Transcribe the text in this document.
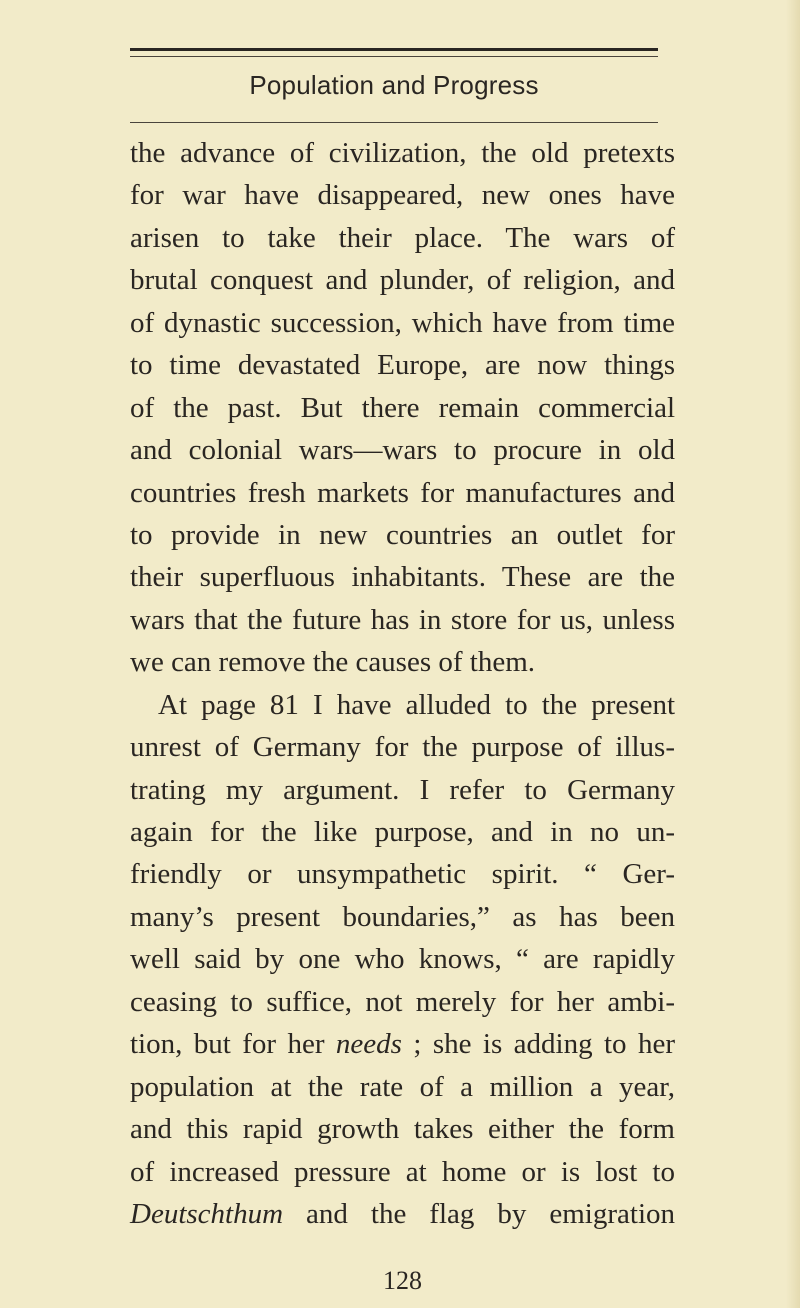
Population and Progress
the advance of civilization, the old pretexts
for war have disappeared, new ones have
arisen to take their place. The wars of
brutal conquest and plunder, of religion, and
of dynastic succession, which have from time
to time devastated Europe, are now things
of the past. But there remain commercial
and colonial wars—wars to procure in old
countries fresh markets for manufactures and
to provide in new countries an outlet for
their superfluous inhabitants. These are the
wars that the future has in store for us, unless
we can remove the causes of them.
At page 81 I have alluded to the present
unrest of Germany for the purpose of illus-
trating my argument. I refer to Germany
again for the like purpose, and in no un-
friendly or unsympathetic spirit. “ Ger-
many’s present boundaries,” as has been
well said by one who knows, “ are rapidly
ceasing to suffice, not merely for her ambi-
tion, but for her needs ; she is adding to her
population at the rate of a million a year,
and this rapid growth takes either the form
of increased pressure at home or is lost to
Deutschthum and the flag by emigration
128
